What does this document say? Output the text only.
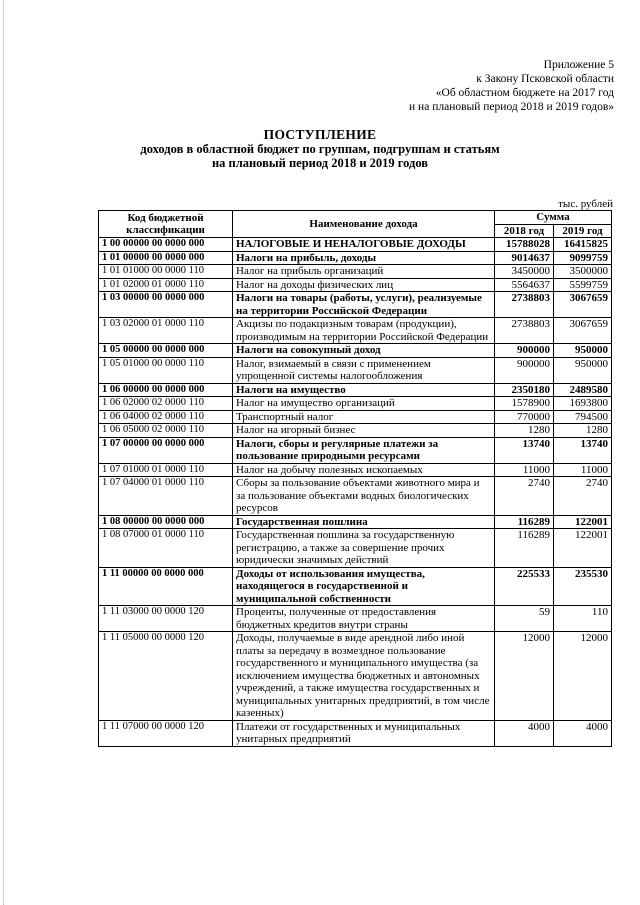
Приложение 5
к Закону Псковской области
«Об областном бюджете на 2017 год
и на плановый период 2018 и 2019 годов»
ПОСТУПЛЕНИЕ
доходов в областной бюджет по группам, подгруппам и статьям
на плановый период 2018 и 2019 годов
тыс. рублей
Код бюджетной классификации	Наименование дохода	Сумма	
		2018 год	2019 год
1 00 00000 00 0000 000	НАЛОГОВЫЕ И НЕНАЛОГОВЫЕ ДОХОДЫ	15788028	16415825
1 01 00000 00 0000 000	Налоги на прибыль, доходы	9014637	9099759
1 01 01000 00 0000 110	Налог на прибыль организаций	3450000	3500000
1 01 02000 01 0000 110	Налог на доходы физических лиц	5564637	5599759
1 03 00000 00 0000 000	Налоги на товары (работы, услуги), реализуемые на территории Российской Федерации	2738803	3067659
1 03 02000 01 0000 110	Акцизы по подакцизным товарам (продукции), производимым на территории Российской Федерации	2738803	3067659
1 05 00000 00 0000 000	Налоги на совокупный доход	900000	950000
1 05 01000 00 0000 110	Налог, взимаемый в связи с применением упрощенной системы налогообложения	900000	950000
1 06 00000 00 0000 000	Налоги на имущество	2350180	2489580
1 06 02000 02 0000 110	Налог на имущество организаций	1578900	1693800
1 06 04000 02 0000 110	Транспортный налог	770000	794500
1 06 05000 02 0000 110	Налог на игорный бизнес	1280	1280
1 07 00000 00 0000 000	Налоги, сборы и регулярные платежи за пользование природными ресурсами	13740	13740
1 07 01000 01 0000 110	Налог на добычу полезных ископаемых	11000	11000
1 07 04000 01 0000 110	Сборы за пользование объектами животного мира и за пользование объектами водных биологических ресурсов	2740	2740
1 08 00000 00 0000 000	Государственная пошлина	116289	122001
1 08 07000 01 0000 110	Государственная пошлина за государственную регистрацию, а также за совершение прочих юридически значимых действий	116289	122001
1 11 00000 00 0000 000	Доходы от использования имущества, находящегося в государственной и муниципальной собственности	225533	235530
1 11 03000 00 0000 120	Проценты, полученные от предоставления бюджетных кредитов внутри страны	59	110
1 11 05000 00 0000 120	Доходы, получаемые в виде арендной либо иной платы за передачу в возмездное пользование государственного и муниципального имущества (за исключением имущества бюджетных и автономных учреждений, а также имущества государственных и муниципальных унитарных предприятий, в том числе казенных)	12000	12000
1 11 07000 00 0000 120	Платежи от государственных и муниципальных унитарных предприятий	4000	4000
